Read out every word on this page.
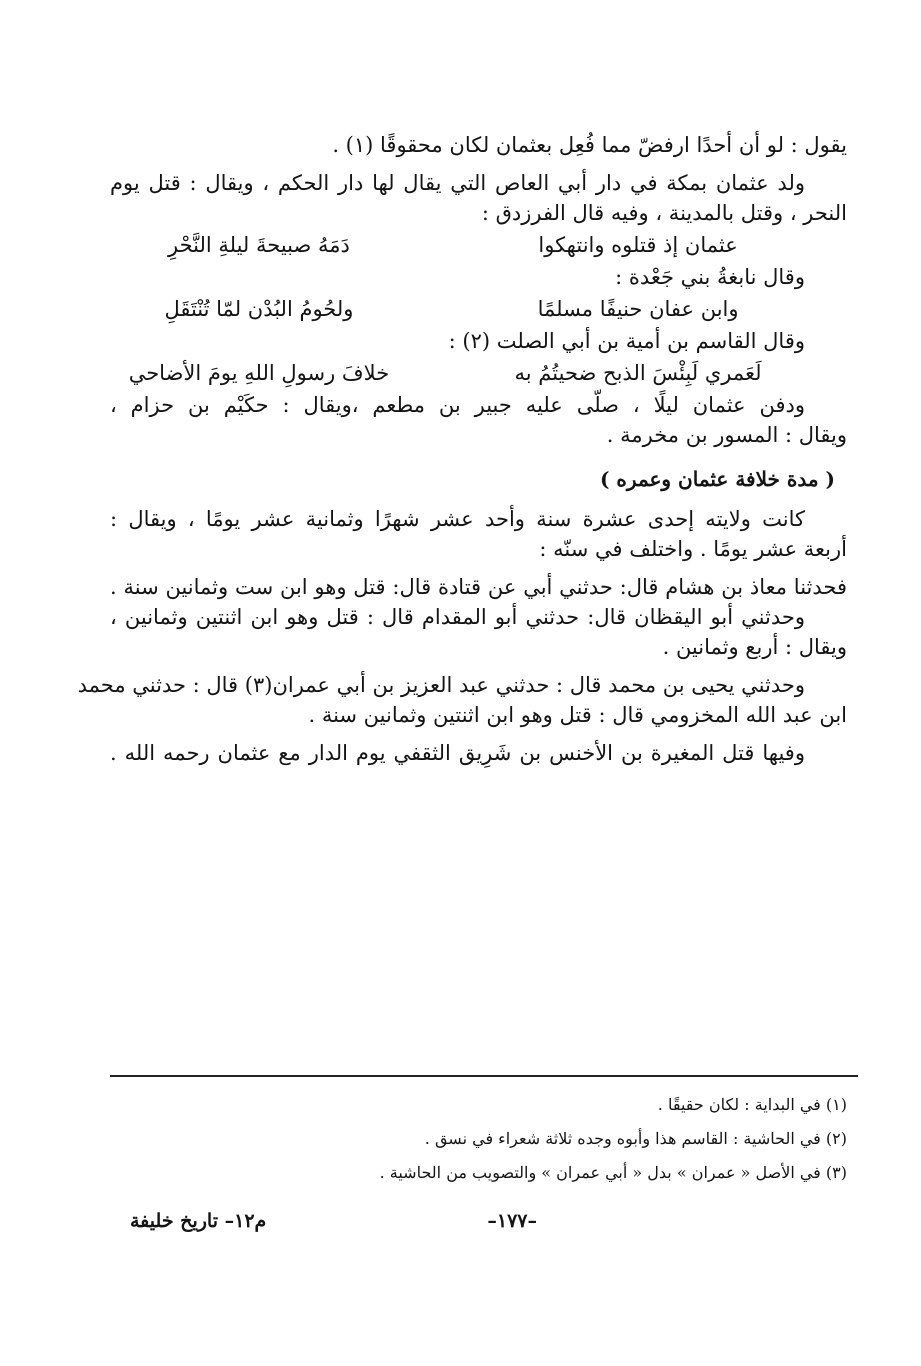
يقول : لو أن أحدًا ارفضّ مما فُعِل بعثمان لكان محقوقًا (١) .
ولد عثمان بمكة في دار أبي العاص التي يقال لها دار الحكم ، ويقال : قتل يوم
النحر ، وقتل بالمدينة ، وفيه قال الفرزدق :
عثمان إذ قتلوه وانتهكوا
دَمَهُ صبيحةَ ليلةِ النَّحْرِ
وقال نابغةُ بني جَعْدة :
وابن عفان حنيفًا مسلمًا
ولحُومُ البُدْن لمّا تُنْتَقَلِ
وقال القاسم بن أمية بن أبي الصلت (٢) :
لَعَمري لَبِئْسَ الذبح ضحيتُمُ به
خلافَ رسولِ اللهِ يومَ الأضاحي
ودفن عثمان ليلًا ، صلّى عليه جبير بن مطعم ،ويقال : حكَيْم بن حزام ،
ويقال : المسور بن مخرمة .
( مدة خلافة عثمان وعمره )
كانت ولايته إحدى عشرة سنة وأحد عشر شهرًا وثمانية عشر يومًا ، ويقال :
أربعة عشر يومًا . واختلف في سنّه :
فحدثنا معاذ بن هشام قال: حدثني أبي عن قتادة قال: قتل وهو ابن ست وثمانين سنة .
وحدثني أبو اليقظان قال: حدثني أبو المقدام قال : قتل وهو ابن اثنتين وثمانين ،
ويقال : أربع وثمانين .
وحدثني يحيى بن محمد قال : حدثني عبد العزيز بن أبي عمران(٣) قال : حدثني محمد
ابن عبد الله المخزومي قال : قتل وهو ابن اثنتين وثمانين سنة .
وفيها قتل المغيرة بن الأخنس بن شَرِيق الثقفي يوم الدار مع عثمان رحمه الله .
(١) في البداية : لكان حقيقًا .
(٢) في الحاشية : القاسم هذا وأبوه وجده ثلاثة شعراء في نسق .
(٣) في الأصل « عمران » بدل « أبي عمران » والتصويب من الحاشية .
–١٧٧–
م١٢– تاريخ خليفة
